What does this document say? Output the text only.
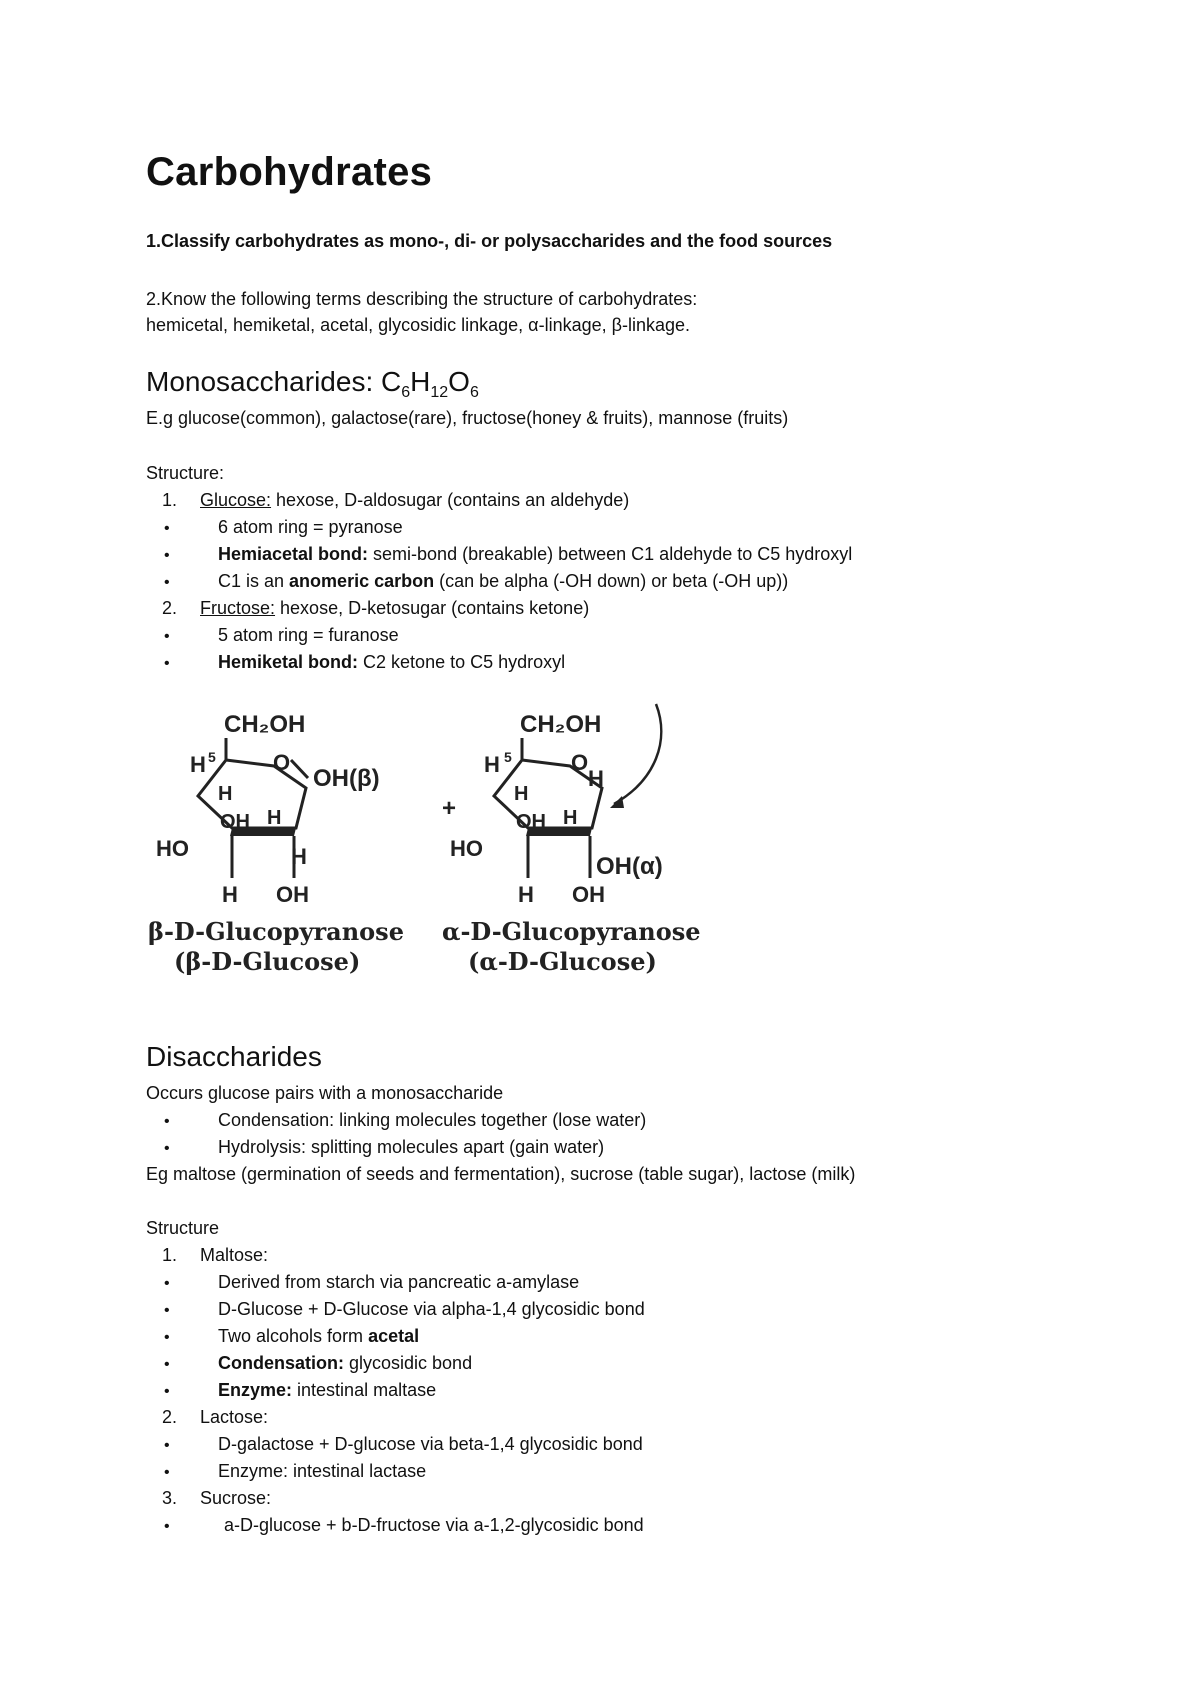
Carbohydrates
1.Classify carbohydrates as mono-, di- or polysaccharides and the food sources
2.Know the following terms describing the structure of carbohydrates:
hemicetal, hemiketal, acetal, glycosidic linkage, α-linkage, β-linkage.
Monosaccharides: $C_6H_{12}O_6$
E.g glucose(common), galactose(rare), fructose(honey & fruits), mannose (fruits)
Structure:
1. Glucose: hexose, D-aldosugar (contains an aldehyde)
•	6 atom ring = pyranose
•	Hemiacetal bond: semi-bond (breakable) between C1 aldehyde to C5 hydroxyl
•	C1 is an anomeric carbon (can be alpha (-OH down) or beta (-OH up))
2. Fructose: hexose, D-ketosugar (contains ketone)
•	5 atom ring = furanose
•	Hemiketal bond: C2 ketone to C5 hydroxyl
Disaccharides
Occurs glucose pairs with a monosaccharide
•	Condensation: linking molecules together (lose water)
•	Hydrolysis: splitting molecules apart (gain water)
Eg maltose (germination of seeds and fermentation), sucrose (table sugar), lactose (milk)
Structure
1. Maltose:
•	Derived from starch via pancreatic a-amylase
•	D-Glucose + D-Glucose via alpha-1,4 glycosidic bond
•	Two alcohols form acetal
•	Condensation: glycosidic bond
•	Enzyme: intestinal maltase
2. Lactose:
•	D-galactose + D-glucose via beta-1,4 glycosidic bond
•	Enzyme: intestinal lactase
3. Sucrose:
•	a-D-glucose + b-D-fructose via a-1,2-glycosidic bond
CH₂OH
H 5	O
OH(β)
H
OH H
HO	H
H OH
β-D-Glucopyranose
(β-D-Glucose)
+
CH₂OH
H 5	O
H
H
OH H
HO
OH(α)
H OH
α-D-Glucopyranose
(α-D-Glucose)
